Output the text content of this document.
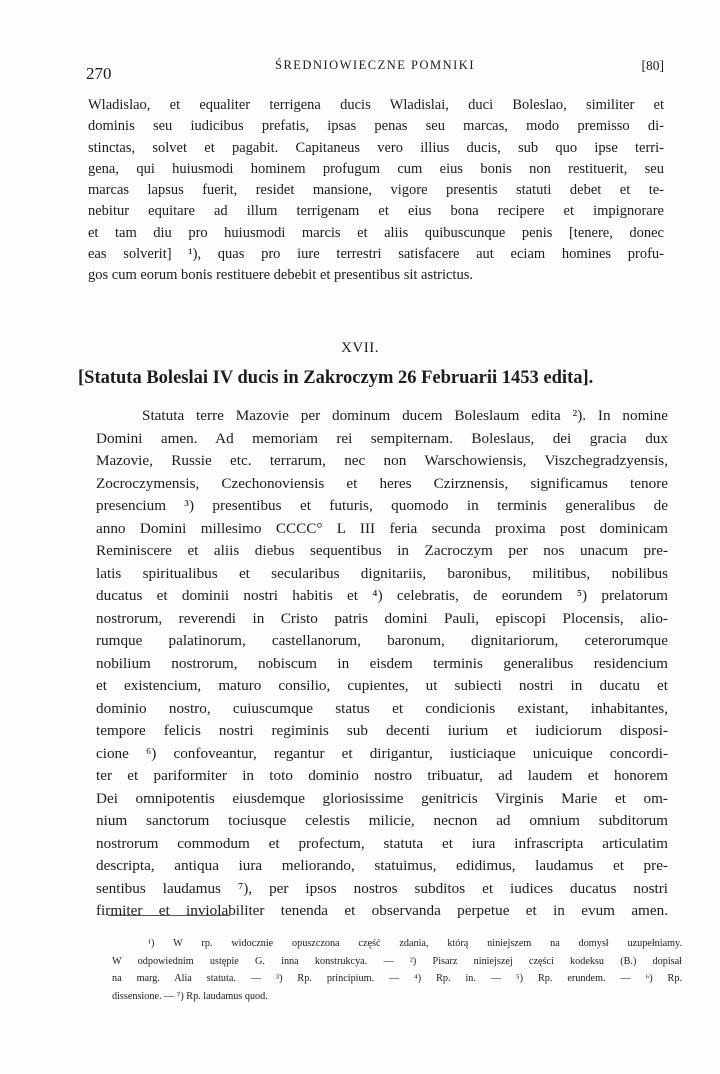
270	ŚREDNIOWIECZNE POMNIKI	[80]
Wladislao, et equaliter terrigena ducis Wladislai, duci Boleslao, similiter et
dominis seu iudicibus prefatis, ipsas penas seu marcas, modo premisso di-
stinctas, solvet et pagabit. Capitaneus vero illius ducis, sub quo ipse terri-
gena, qui huiusmodi hominem profugum cum eius bonis non restituerit, seu
marcas lapsus fuerit, residet mansione, vigore presentis statuti debet et te-
nebitur equitare ad illum terrigenam et eius bona recipere et impignorare
et tam diu pro huiusmodi marcis et aliis quibuscunque penis [tenere, donec
eas solverit] ¹), quas pro iure terrestri satisfacere aut eciam homines profu-
gos cum eorum bonis restituere debebit et presentibus sit astrictus.
XVII.
[Statuta Boleslai IV ducis in Zakroczym 26 Februarii 1453 edita].
Statuta terre Mazovie per dominum ducem Boleslaum edita ²). In nomine
Domini amen. Ad memoriam rei sempiternam. Boleslaus, dei gracia dux
Mazovie, Russie etc. terrarum, nec non Warschowiensis, Viszchegradzyensis,
Zocroczymensis, Czechonoviensis et heres Czirznensis, significamus tenore
presencium ³) presentibus et futuris, quomodo in terminis generalibus de
anno Domini millesimo CCCC° L III feria secunda proxima post dominicam
Reminiscere et aliis diebus sequentibus in Zacroczym per nos unacum pre-
latis spiritualibus et secularibus dignitariis, baronibus, militibus, nobilibus
ducatus et dominii nostri habitis et ⁴) celebratis, de eorundem ⁵) prelatorum
nostrorum, reverendi in Cristo patris domini Pauli, episcopi Plocensis, alio-
rumque palatinorum, castellanorum, baronum, dignitariorum, ceterorumque
nobilium nostrorum, nobiscum in eisdem terminis generalibus residencium
et existencium, maturo consilio, cupientes, ut subiecti nostri in ducatu et
dominio nostro, cuiuscumque status et condicionis existant, inhabitantes,
tempore felicis nostri regiminis sub decenti iurium et iudiciorum disposi-
cione ⁶) confoveantur, regantur et dirigantur, iusticiaque unicuique concordi-
ter et pariformiter in toto dominio nostro tribuatur, ad laudem et honorem
Dei omnipotentis eiusdemque gloriosissime genitricis Virginis Marie et om-
nium sanctorum tociusque celestis milicie, necnon ad omnium subditorum
nostrorum commodum et profectum, statuta et iura infrascripta articulatim
descripta, antiqua iura meliorando, statuimus, edidimus, laudamus et pre-
sentibus laudamus ⁷), per ipsos nostros subditos et iudices ducatus nostri
firmiter et inviolabiliter tenenda et observanda perpetue et in evum amen.
¹) W rp. widocznie opuszczona część zdania, którą niniejszem na domysł uzupełniamy.
W odpowiednim ustępie G. inna konstrukcya. — ²) Pisarz niniejszej części kodeksu (B.) dopisał
na marg. Alia statuta. — ³) Rp. principium. — ⁴) Rp. in. — ⁵) Rp. erundem. — ⁶) Rp.
dissensione. — ⁷) Rp. laudamus quod.
